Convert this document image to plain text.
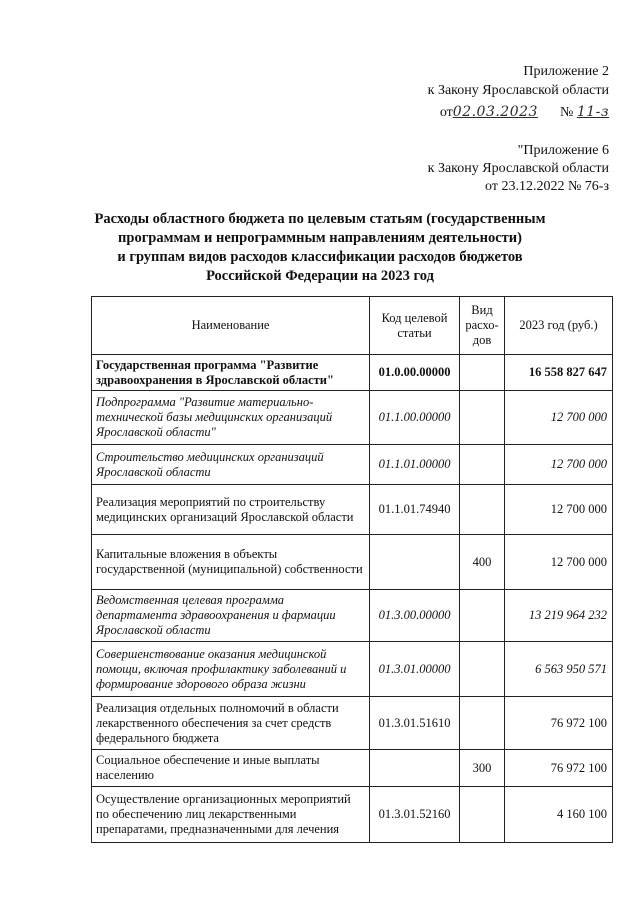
Приложение 2
к Закону Ярославской области
от02.03.2023 № 11-з
"Приложение 6
к Закону Ярославской области
от 23.12.2022 № 76-з
Расходы областного бюджета по целевым статьям (государственным
программам и непрограммным направлениям деятельности)
и группам видов расходов классификации расходов бюджетов
Российской Федерации на 2023 год
Наименование	Код целевой статьи	Вид расхо-дов	2023 год (руб.)
Государственная программа "Развитие здравоохранения в Ярославской области"	01.0.00.00000		16 558 827 647
Подпрограмма "Развитие материально-технической базы медицинских организаций Ярославской области"	01.1.00.00000		12 700 000
Строительство медицинских организаций Ярославской области	01.1.01.00000		12 700 000
Реализация мероприятий по строительству медицинских организаций Ярославской области	01.1.01.74940		12 700 000
Капитальные вложения в объекты государственной (муниципальной) собственности		400	12 700 000
Ведомственная целевая программа департамента здравоохранения и фармации Ярославской области	01.3.00.00000		13 219 964 232
Совершенствование оказания медицинской помощи, включая профилактику заболеваний и формирование здорового образа жизни	01.3.01.00000		6 563 950 571
Реализация отдельных полномочий в области лекарственного обеспечения за счет средств федерального бюджета	01.3.01.51610		76 972 100
Социальное обеспечение и иные выплаты населению		300	76 972 100
Осуществление организационных мероприятий по обеспечению лиц лекарственными препаратами, предназначенными для лечения	01.3.01.52160		4 160 100
